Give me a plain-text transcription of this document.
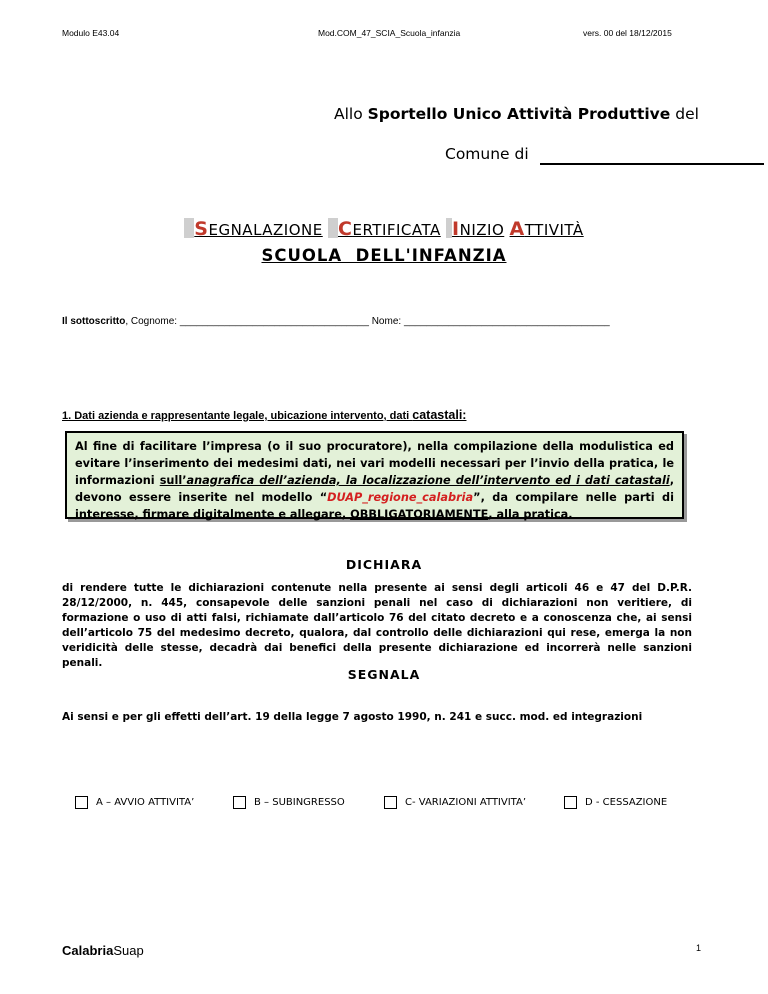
Modulo E43.04	Mod.COM_47_SCIA_Scuola_infanzia	vers. 00 del 18/12/2015
Allo Sportello Unico Attività Produttive del
Comune di
SEGNALAZIONE CERTIFICATA INIZIO ATTIVITÀ
SCUOLA  DELL'INFANZIA
Il sottoscritto, Cognome: __________________________________ Nome: _____________________________________
1. Dati azienda e rappresentante legale, ubicazione intervento, dati catastali:
Al fine di facilitare l’impresa (o il suo procuratore), nella compilazione della modulistica ed evitare l’inserimento dei medesimi dati, nei vari modelli necessari per l’invio della pratica, le informazioni sull’anagrafica dell’azienda, la localizzazione dell’intervento ed i dati catastali, devono essere inserite nel modello “DUAP_regione_calabria”, da compilare nelle parti di interesse, firmare digitalmente e allegare, OBBLIGATORIAMENTE, alla pratica.
DICHIARA
di rendere tutte le dichiarazioni contenute nella presente ai sensi degli articoli 46 e 47 del D.P.R. 28/12/2000, n. 445, consapevole delle sanzioni penali nel caso di dichiarazioni non veritiere, di formazione o uso di atti falsi, richiamate dall’articolo 76 del citato decreto e a conoscenza che, ai sensi dell’articolo 75 del medesimo decreto, qualora, dal controllo delle dichiarazioni qui rese, emerga la non veridicità delle stesse, decadrà dai benefici della presente dichiarazione ed incorrerà nelle sanzioni penali.
SEGNALA
Ai sensi e per gli effetti dell’art. 19 della legge 7 agosto 1990, n. 241 e succ. mod. ed integrazioni
A – AVVIO ATTIVITA’	B – SUBINGRESSO	C- VARIAZIONI ATTIVITA’	D - CESSAZIONE
CalabriaSuap	1
